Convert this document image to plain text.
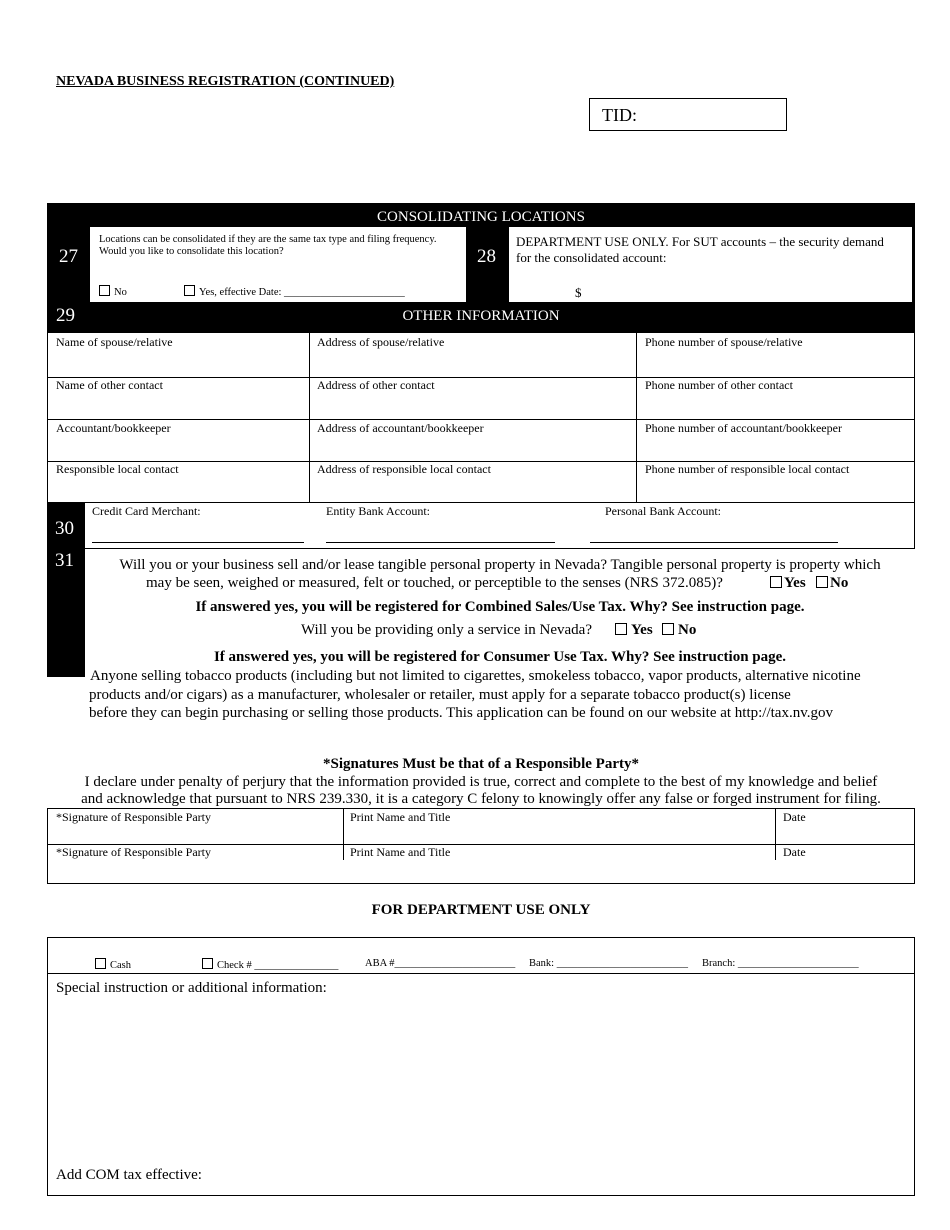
NEVADA BUSINESS REGISTRATION (CONTINUED)
TID:
CONSOLIDATING LOCATIONS
27
Locations can be consolidated if they are the same tax type and filing frequency. Would you like to consolidate this location?
No	Yes, effective Date: _______________________
28
DEPARTMENT USE ONLY. For SUT accounts – the security demand for the consolidated account:
$
29	OTHER INFORMATION
Name of spouse/relative	Address of spouse/relative	Phone number of spouse/relative
Name of other contact	Address of other contact	Phone number of other contact
Accountant/bookkeeper	Address of accountant/bookkeeper	Phone number of accountant/bookkeeper
Responsible local contact	Address of responsible local contact	Phone number of responsible local contact
30
31
Credit Card Merchant:	Entity Bank Account:	Personal Bank Account:
Will you or your business sell and/or lease tangible personal property in Nevada? Tangible personal property is property which
may be seen, weighed or measured, felt or touched, or perceptible to the senses (NRS 372.085)?	Yes	No
If answered yes, you will be registered for Combined Sales/Use Tax. Why? See instruction page.
Will you be providing only a service in Nevada?	Yes	No
If answered yes, you will be registered for Consumer Use Tax. Why? See instruction page.
Anyone selling tobacco products (including but not limited to cigarettes, smokeless tobacco, vapor products, alternative nicotine
products and/or cigars) as a manufacturer, wholesaler or retailer, must apply for a separate tobacco product(s) license
before they can begin purchasing or selling those products. This application can be found on our website at http://tax.nv.gov
*Signatures Must be that of a Responsible Party*
I declare under penalty of perjury that the information provided is true, correct and complete to the best of my knowledge and belief
and acknowledge that pursuant to NRS 239.330, it is a category C felony to knowingly offer any false or forged instrument for filing.
*Signature of Responsible Party	Print Name and Title	Date
*Signature of Responsible Party	Print Name and Title	Date
FOR DEPARTMENT USE ONLY
Cash	Check # ________________	ABA #_______________________ Bank: _________________________ Branch: _______________________
Special instruction or additional information:
Add COM tax effective:
